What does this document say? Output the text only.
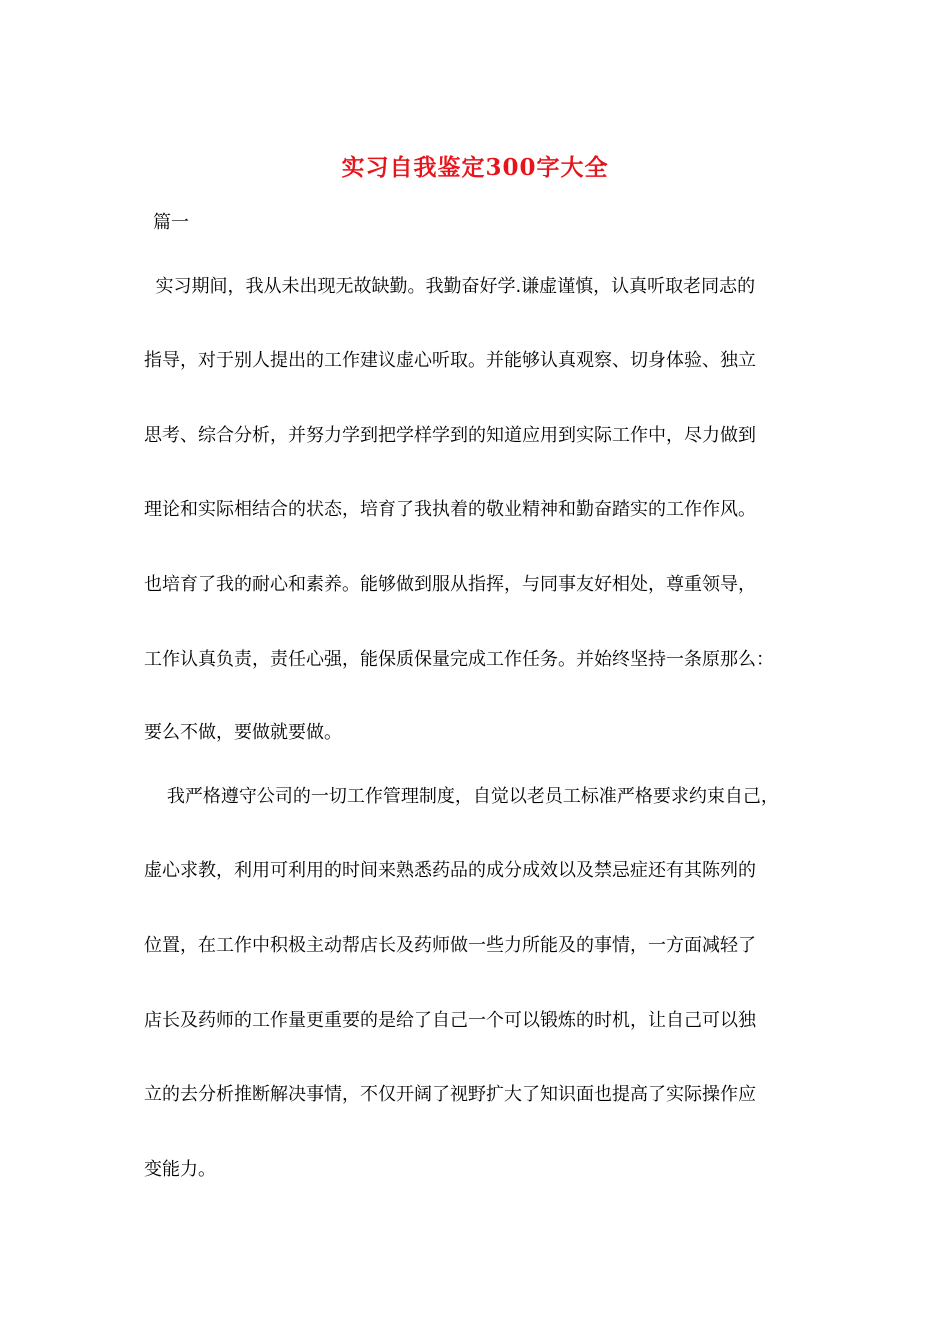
实习自我鉴定300字大全
篇一
实习期间，我从未出现无故缺勤。我勤奋好学.谦虚谨慎，认真听取老同志的
指导，对于别人提出的工作建议虚心听取。并能够认真观察、切身体验、独立
思考、综合分析，并努力学到把学样学到的知道应用到实际工作中，尽力做到
理论和实际相结合的状态，培育了我执着的敬业精神和勤奋踏实的工作作风。
也培育了我的耐心和素养。能够做到服从指挥，与同事友好相处，尊重领导，
工作认真负责，责任心强，能保质保量完成工作任务。并始终坚持一条原那么：
要么不做，要做就要做。
我严格遵守公司的一切工作管理制度，自觉以老员工标准严格要求约束自己，
虚心求教，利用可利用的时间来熟悉药品的成分成效以及禁忌症还有其陈列的
位置，在工作中积极主动帮店长及药师做一些力所能及的事情，一方面减轻了
店长及药师的工作量更重要的是给了自己一个可以锻炼的时机，让自己可以独
立的去分析推断解决事情，不仅开阔了视野扩大了知识面也提高了实际操作应
变能力。
